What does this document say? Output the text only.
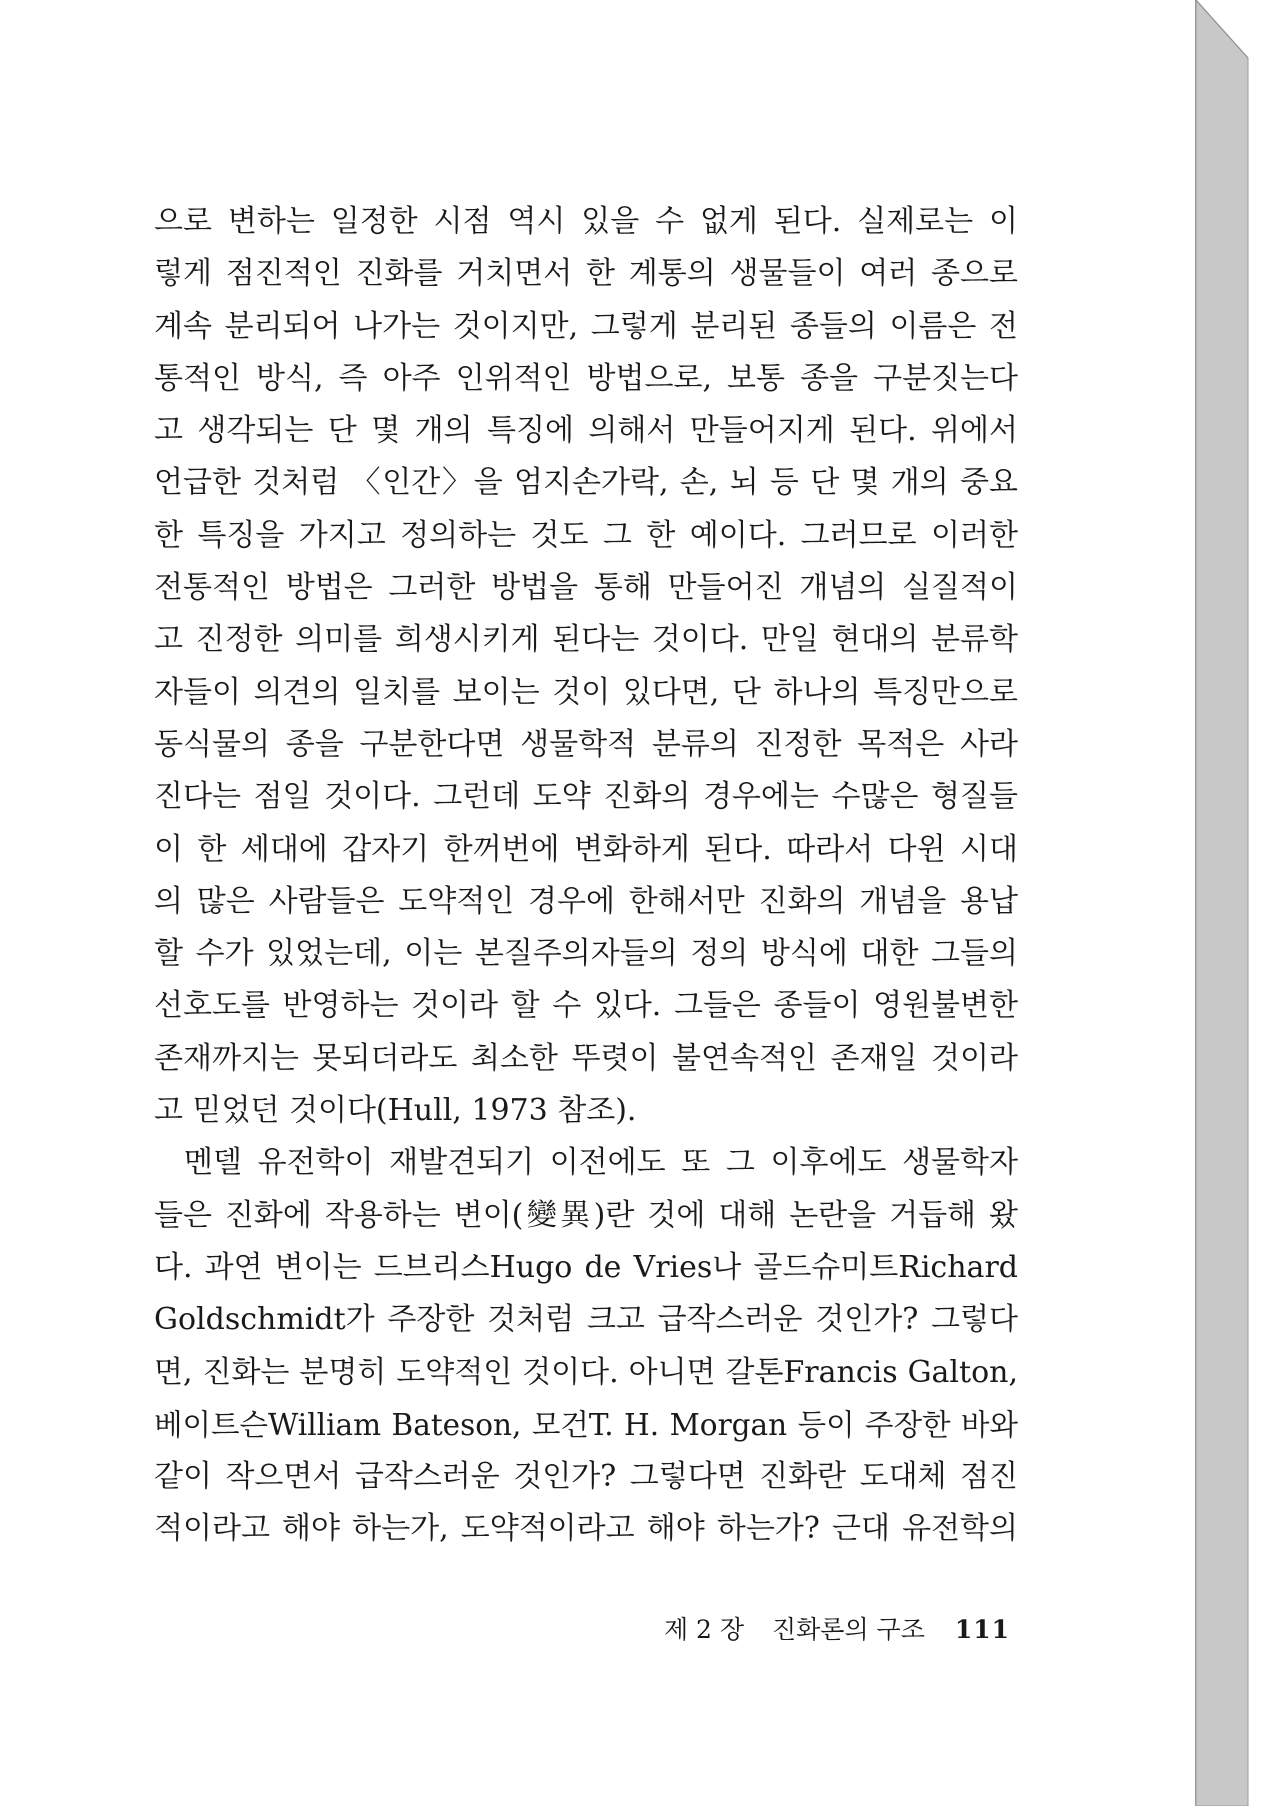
으로 변하는 일정한 시점 역시 있을 수 없게 된다. 실제로는 이
렇게 점진적인 진화를 거치면서 한 계통의 생물들이 여러 종으로
계속 분리되어 나가는 것이지만, 그렇게 분리된 종들의 이름은 전
통적인 방식, 즉 아주 인위적인 방법으로, 보통 종을 구분짓는다
고 생각되는 단 몇 개의 특징에 의해서 만들어지게 된다. 위에서
언급한 것처럼 〈인간〉을 엄지손가락, 손, 뇌 등 단 몇 개의 중요
한 특징을 가지고 정의하는 것도 그 한 예이다. 그러므로 이러한
전통적인 방법은 그러한 방법을 통해 만들어진 개념의 실질적이
고 진정한 의미를 희생시키게 된다는 것이다. 만일 현대의 분류학
자들이 의견의 일치를 보이는 것이 있다면, 단 하나의 특징만으로
동식물의 종을 구분한다면 생물학적 분류의 진정한 목적은 사라
진다는 점일 것이다. 그런데 도약 진화의 경우에는 수많은 형질들
이 한 세대에 갑자기 한꺼번에 변화하게 된다. 따라서 다윈 시대
의 많은 사람들은 도약적인 경우에 한해서만 진화의 개념을 용납
할 수가 있었는데, 이는 본질주의자들의 정의 방식에 대한 그들의
선호도를 반영하는 것이라 할 수 있다. 그들은 종들이 영원불변한
존재까지는 못되더라도 최소한 뚜렷이 불연속적인 존재일 것이라
고 믿었던 것이다(Hull, 1973 참조).
멘델 유전학이 재발견되기 이전에도 또 그 이후에도 생물학자
들은 진화에 작용하는 변이(變異)란 것에 대해 논란을 거듭해 왔
다. 과연 변이는 드브리스Hugo de Vries나 골드슈미트Richard
Goldschmidt가 주장한 것처럼 크고 급작스러운 것인가? 그렇다
면, 진화는 분명히 도약적인 것이다. 아니면 갈톤Francis Galton,
베이트슨William Bateson, 모건T. H. Morgan 등이 주장한 바와
같이 작으면서 급작스러운 것인가? 그렇다면 진화란 도대체 점진
적이라고 해야 하는가, 도약적이라고 해야 하는가? 근대 유전학의
제 2 장 진화론의 구조 111
